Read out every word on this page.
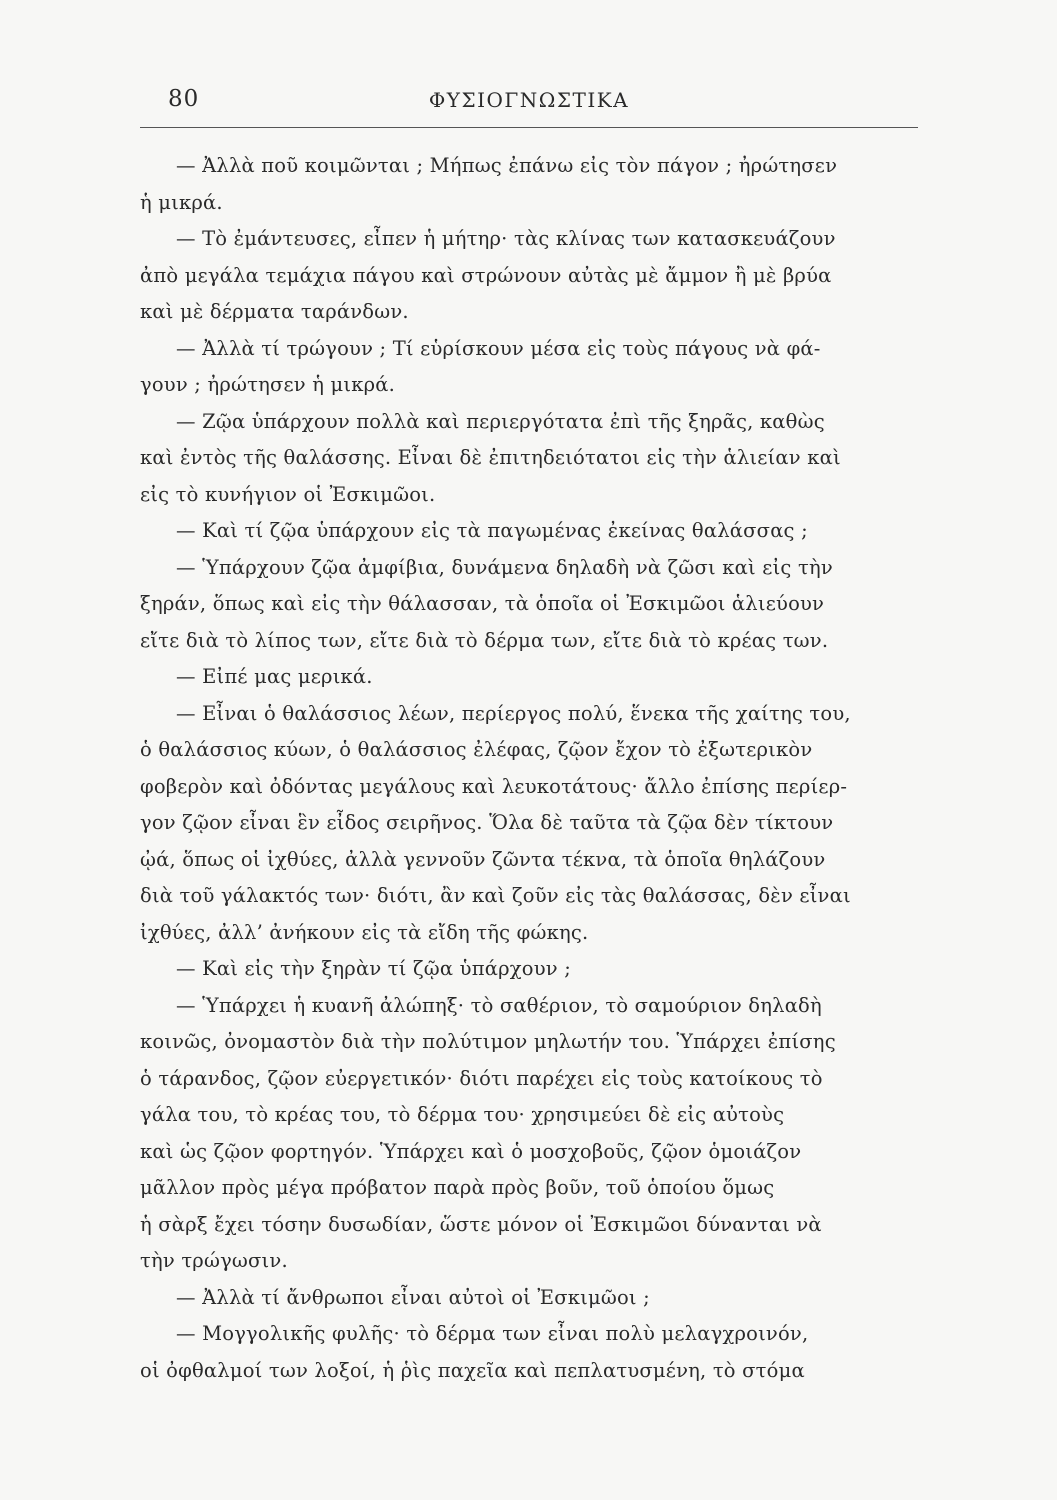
80	ΦΥΣΙΟΓΝΩΣΤΙΚΑ
— Ἀλλὰ ποῦ κοιμῶνται ; Μήπως ἐπάνω εἰς τὸν πάγον ; ἠρώτησεν
ἡ μικρά.
— Τὸ ἐμάντευσες, εἶπεν ἡ μήτηρ· τὰς κλίνας των κατασκευάζουν
ἀπὸ μεγάλα τεμάχια πάγου καὶ στρώνουν αὐτὰς μὲ ἄμμον ἢ μὲ βρύα
καὶ μὲ δέρματα ταράνδων.
— Ἀλλὰ τί τρώγουν ; Τί εὑρίσκουν μέσα εἰς τοὺς πάγους νὰ φά-
γουν ; ἠρώτησεν ἡ μικρά.
— Ζῷα ὑπάρχουν πολλὰ καὶ περιεργότατα ἐπὶ τῆς ξηρᾶς, καθὼς
καὶ ἐντὸς τῆς θαλάσσης. Εἶναι δὲ ἐπιτηδειότατοι εἰς τὴν ἁλιείαν καὶ
εἰς τὸ κυνήγιον οἱ Ἐσκιμῶοι.
— Καὶ τί ζῷα ὑπάρχουν εἰς τὰ παγωμένας ἐκείνας θαλάσσας ;
— Ὑπάρχουν ζῷα ἀμφίβια, δυνάμενα δηλαδὴ νὰ ζῶσι καὶ εἰς τὴν
ξηράν, ὅπως καὶ εἰς τὴν θάλασσαν, τὰ ὁποῖα οἱ Ἐσκιμῶοι ἁλιεύουν
εἴτε διὰ τὸ λίπος των, εἴτε διὰ τὸ δέρμα των, εἴτε διὰ τὸ κρέας των.
— Εἰπέ μας μερικά.
— Εἶναι ὁ θαλάσσιος λέων, περίεργος πολύ, ἕνεκα τῆς χαίτης του,
ὁ θαλάσσιος κύων, ὁ θαλάσσιος ἐλέφας, ζῷον ἔχον τὸ ἐξωτερικὸν
φοβερὸν καὶ ὀδόντας μεγάλους καὶ λευκοτάτους· ἄλλο ἐπίσης περίερ-
γον ζῷον εἶναι ἓν εἶδος σειρῆνος. Ὅλα δὲ ταῦτα τὰ ζῷα δὲν τίκτουν
ᾠά, ὅπως οἱ ἰχθύες, ἀλλὰ γεννοῦν ζῶντα τέκνα, τὰ ὁποῖα θηλάζουν
διὰ τοῦ γάλακτός των· διότι, ἂν καὶ ζοῦν εἰς τὰς θαλάσσας, δὲν εἶναι
ἰχθύες, ἀλλ’ ἀνήκουν εἰς τὰ εἴδη τῆς φώκης.
— Καὶ εἰς τὴν ξηρὰν τί ζῷα ὑπάρχουν ;
— Ὑπάρχει ἡ κυανῆ ἀλώπηξ· τὸ σαθέριον, τὸ σαμούριον δηλαδὴ
κοινῶς, ὀνομαστὸν διὰ τὴν πολύτιμον μηλωτήν του. Ὑπάρχει ἐπίσης
ὁ τάρανδος, ζῷον εὐεργετικόν· διότι παρέχει εἰς τοὺς κατοίκους τὸ
γάλα του, τὸ κρέας του, τὸ δέρμα του· χρησιμεύει δὲ εἰς αὐτοὺς
καὶ ὡς ζῷον φορτηγόν. Ὑπάρχει καὶ ὁ μοσχοβοῦς, ζῷον ὁμοιάζον
μᾶλλον πρὸς μέγα πρόβατον παρὰ πρὸς βοῦν, τοῦ ὁποίου ὅμως
ἡ σὰρξ ἔχει τόσην δυσωδίαν, ὥστε μόνον οἱ Ἐσκιμῶοι δύνανται νὰ
τὴν τρώγωσιν.
— Ἀλλὰ τί ἄνθρωποι εἶναι αὐτοὶ οἱ Ἐσκιμῶοι ;
— Μογγολικῆς φυλῆς· τὸ δέρμα των εἶναι πολὺ μελαγχροινόν,
οἱ ὀφθαλμοί των λοξοί, ἡ ῥὶς παχεῖα καὶ πεπλατυσμένη, τὸ στόμα
